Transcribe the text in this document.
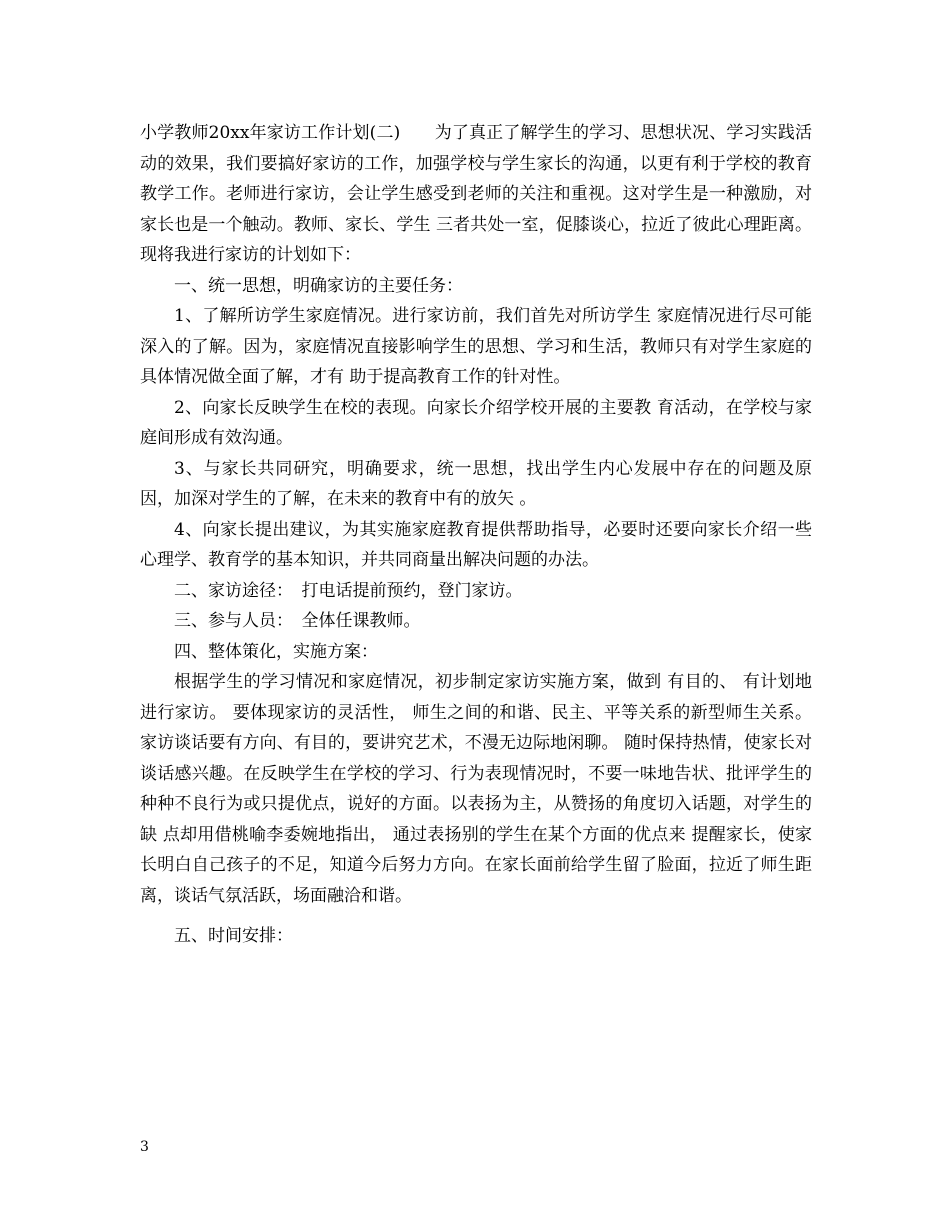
小学教师20xx年家访工作计划(二)　　为了真正了解学生的学习、思想状况、学习实践活动的效果，我们要搞好家访的工作，加强学校与学生家长的沟通，以更有利于学校的教育教学工作。老师进行家访，会让学生感受到老师的关注和重视。这对学生是一种激励，对家长也是一个触动。教师、家长、学生 三者共处一室，促膝谈心，拉近了彼此心理距离。现将我进行家访的计划如下：

一、统一思想，明确家访的主要任务：

1、了解所访学生家庭情况。进行家访前，我们首先对所访学生 家庭情况进行尽可能深入的了解。因为，家庭情况直接影响学生的思想、学习和生活，教师只有对学生家庭的具体情况做全面了解，才有 助于提高教育工作的针对性。

2、向家长反映学生在校的表现。向家长介绍学校开展的主要教 育活动，在学校与家庭间形成有效沟通。

3、与家长共同研究，明确要求，统一思想，找出学生内心发展中存在的问题及原因，加深对学生的了解，在未来的教育中有的放矢 。

4、向家长提出建议，为其实施家庭教育提供帮助指导，必要时还要向家长介绍一些心理学、教育学的基本知识，并共同商量出解决问题的办法。

二、家访途径：　打电话提前预约，登门家访。

三、参与人员：　全体任课教师。

四、整体策化，实施方案：

根据学生的学习情况和家庭情况，初步制定家访实施方案，做到 有目的、 有计划地进行家访。 要体现家访的灵活性， 师生之间的和谐、民主、平等关系的新型师生关系。 家访谈话要有方向、有目的，要讲究艺术，不漫无边际地闲聊。 随时保持热情，使家长对谈话感兴趣。在反映学生在学校的学习、行为表现情况时，不要一味地告状、批评学生的种种不良行为或只提优点，说好的方面。以表扬为主，从赞扬的角度切入话题，对学生的缺 点却用借桃喻李委婉地指出， 通过表扬别的学生在某个方面的优点来 提醒家长，使家长明白自己孩子的不足，知道今后努力方向。在家长面前给学生留了脸面，拉近了师生距离，谈话气氛活跃，场面融洽和谐。

五、时间安排：

3
